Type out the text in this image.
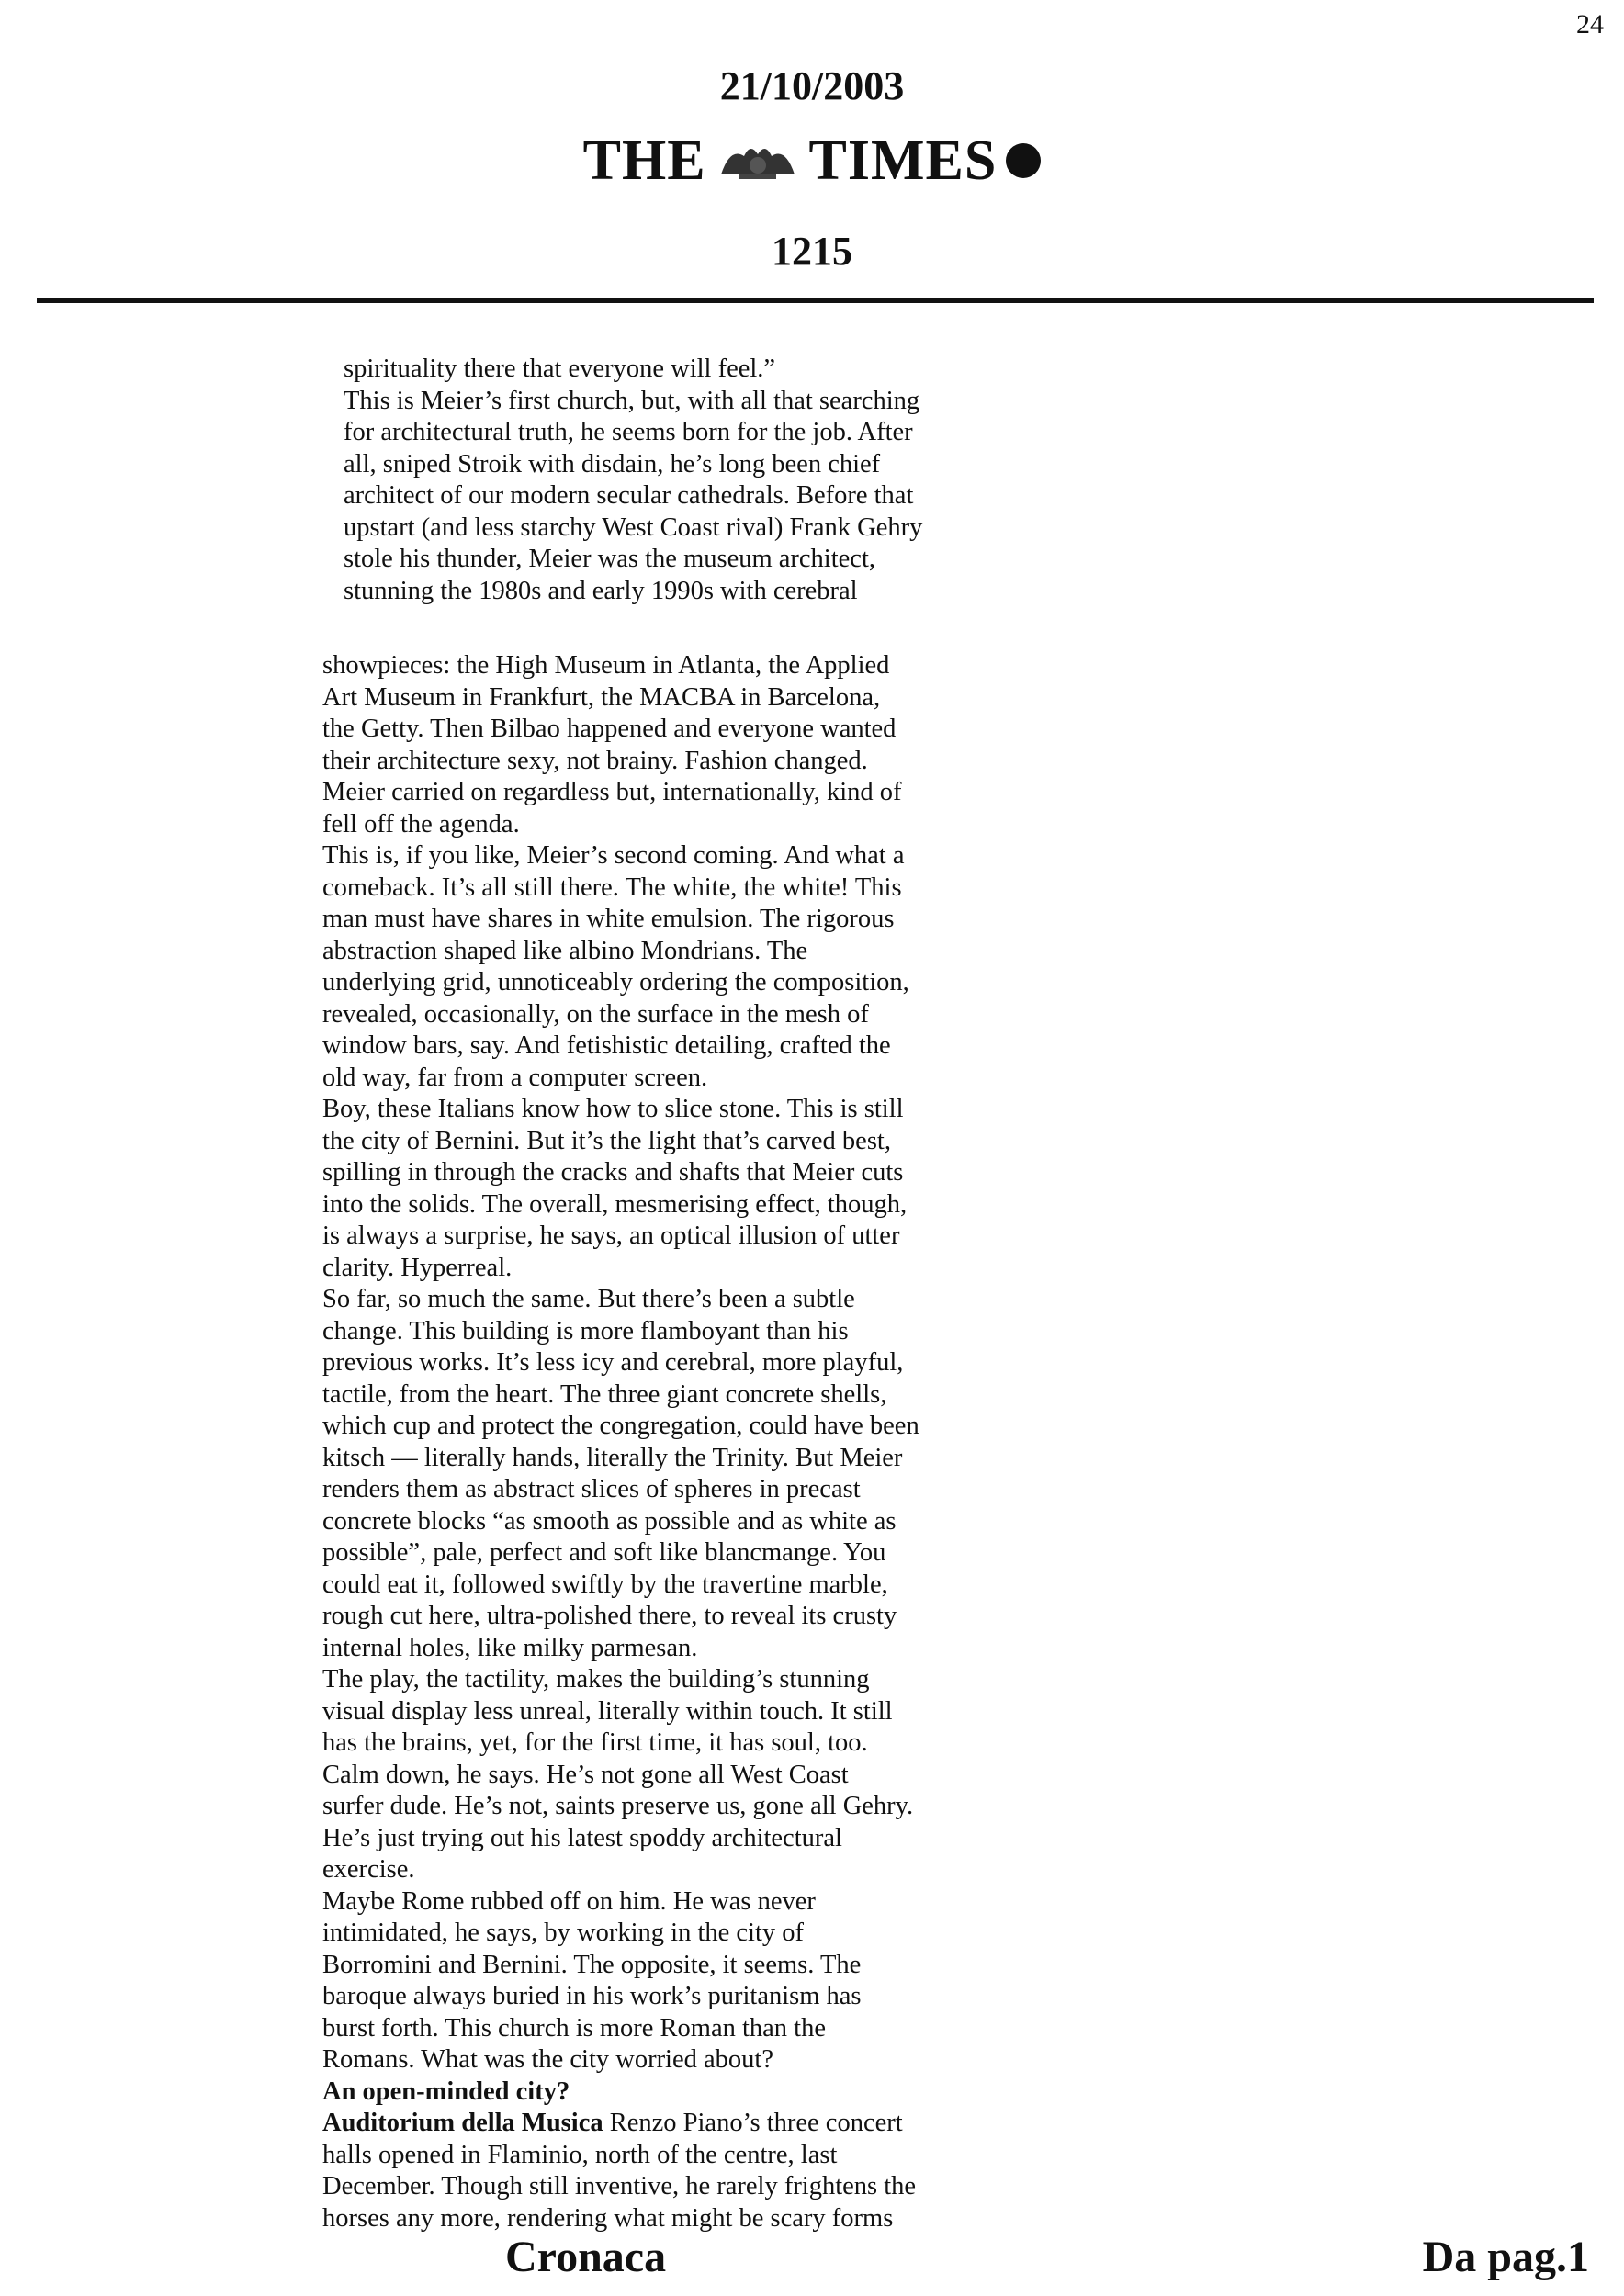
24

21/10/2003

THE TIMES

1215

spirituality there that everyone will feel.”

This is Meier’s first church, but, with all that searching

for architectural truth, he seems born for the job. After

all, sniped Stroik with disdain, he’s long been chief

architect of our modern secular cathedrals. Before that

upstart (and less starchy West Coast rival) Frank Gehry

stole his thunder, Meier was the museum architect,

stunning the 1980s and early 1990s with cerebral

showpieces: the High Museum in Atlanta, the Applied

Art Museum in Frankfurt, the MACBA in Barcelona,

the Getty. Then Bilbao happened and everyone wanted

their architecture sexy, not brainy. Fashion changed.

Meier carried on regardless but, internationally, kind of

fell off the agenda.

This is, if you like, Meier’s second coming. And what a

comeback. It’s all still there. The white, the white! This

man must have shares in white emulsion. The rigorous

abstraction shaped like albino Mondrians. The

underlying grid, unnoticeably ordering the composition,

revealed, occasionally, on the surface in the mesh of

window bars, say. And fetishistic detailing, crafted the

old way, far from a computer screen.

Boy, these Italians know how to slice stone. This is still

the city of Bernini. But it’s the light that’s carved best,

spilling in through the cracks and shafts that Meier cuts

into the solids. The overall, mesmerising effect, though,

is always a surprise, he says, an optical illusion of utter

clarity. Hyperreal.

So far, so much the same. But there’s been a subtle

change. This building is more flamboyant than his

previous works. It’s less icy and cerebral, more playful,

tactile, from the heart. The three giant concrete shells,

which cup and protect the congregation, could have been

kitsch — literally hands, literally the Trinity. But Meier

renders them as abstract slices of spheres in precast

concrete blocks “as smooth as possible and as white as

possible”, pale, perfect and soft like blancmange. You

could eat it, followed swiftly by the travertine marble,

rough cut here, ultra-polished there, to reveal its crusty

internal holes, like milky parmesan.

The play, the tactility, makes the building’s stunning

visual display less unreal, literally within touch. It still

has the brains, yet, for the first time, it has soul, too.

Calm down, he says. He’s not gone all West Coast

surfer dude. He’s not, saints preserve us, gone all Gehry.

He’s just trying out his latest spoddy architectural

exercise.

Maybe Rome rubbed off on him. He was never

intimidated, he says, by working in the city of

Borromini and Bernini. The opposite, it seems. The

baroque always buried in his work’s puritanism has

burst forth. This church is more Roman than the

Romans. What was the city worried about?

An open-minded city?

Auditorium della Musica Renzo Piano’s three concert

halls opened in Flaminio, north of the centre, last

December. Though still inventive, he rarely frightens the

horses any more, rendering what might be scary forms

Cronaca	Da pag.1
